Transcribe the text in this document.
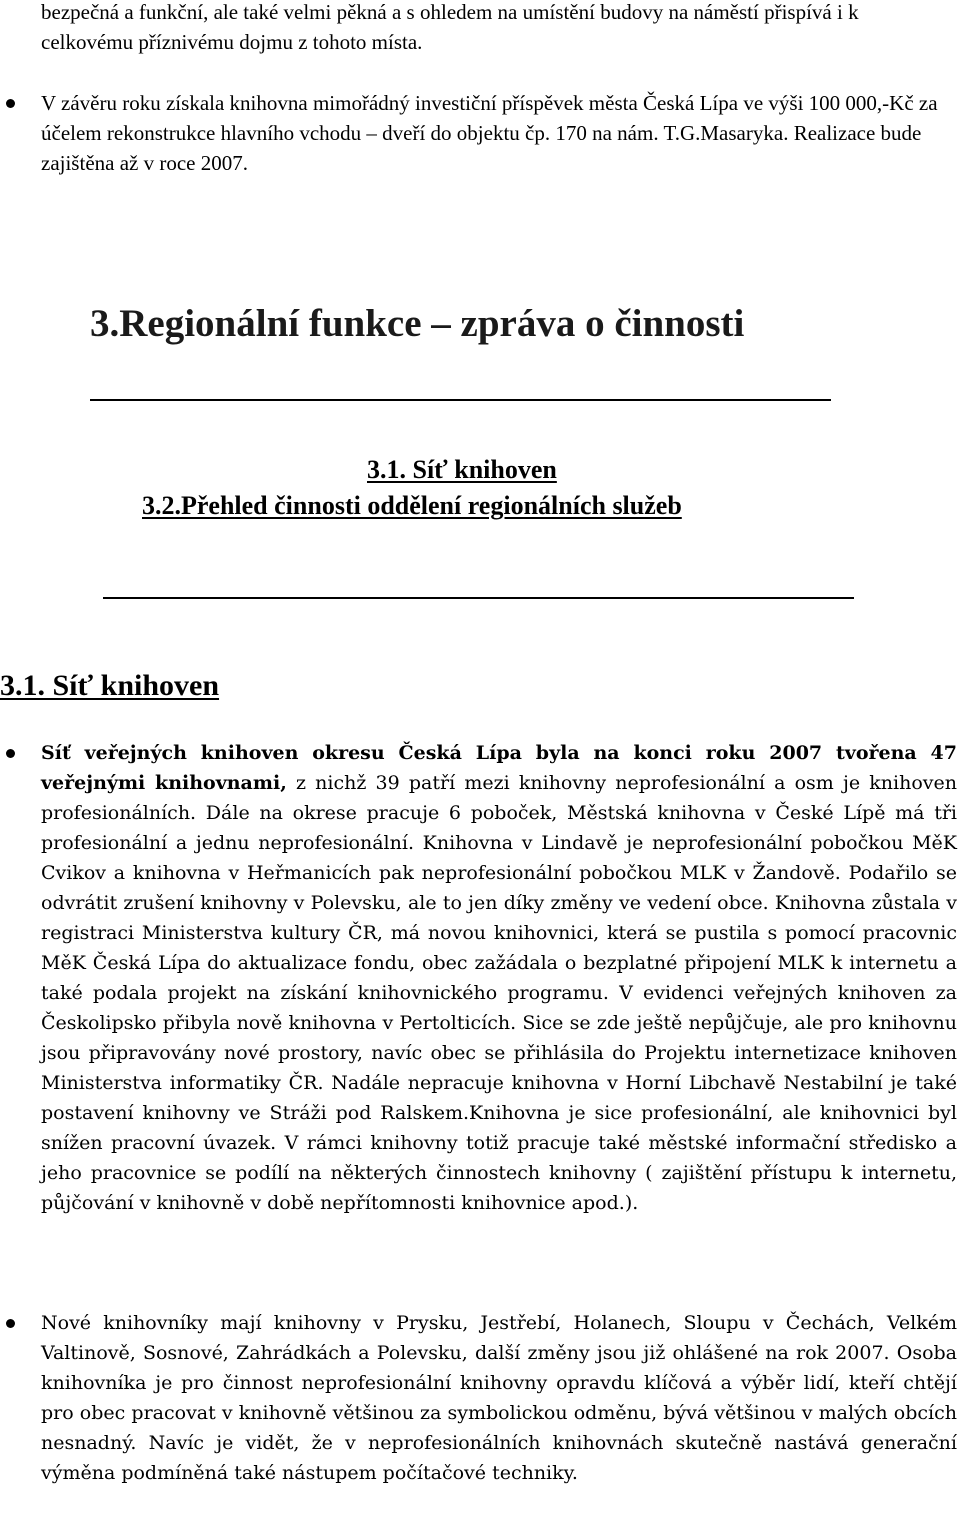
bezpečná a funkční, ale také velmi pěkná a s ohledem na umístění budovy na náměstí přispívá i k celkovému příznivému dojmu z tohoto místa.

V závěru roku získala knihovna mimořádný investiční příspěvek města Česká Lípa ve výši 100 000,-Kč za účelem rekonstrukce hlavního vchodu – dveří do objektu čp. 170 na nám. T.G.Masaryka. Realizace bude zajištěna až v roce 2007.

3.Regionální funkce – zpráva o činnosti
3.1. Síť knihoven
3.2.Přehled činnosti oddělení regionálních služeb
3.1. Síť knihoven

Síť veřejných knihoven okresu Česká Lípa byla na konci roku 2007 tvořena 47 veřejnými knihovnami, z nichž 39 patří mezi knihovny neprofesionální a osm je knihoven profesionálních. Dále na okrese pracuje 6 poboček, Městská knihovna v České Lípě má tři profesionální a jednu neprofesionální. Knihovna v Lindavě je neprofesionální pobočkou MěK Cvikov a knihovna v Heřmanicích pak neprofesionální pobočkou MLK v Žandově. Podařilo se odvrátit zrušení knihovny v Polevsku, ale to jen díky změny ve vedení obce. Knihovna zůstala v registraci Ministerstva kultury ČR, má novou knihovnici, která se pustila s pomocí pracovnic MěK Česká Lípa do aktualizace fondu, obec zažádala o bezplatné připojení MLK k internetu a také podala projekt na získání knihovnického programu. V evidenci veřejných knihoven za Českolipsko přibyla nově knihovna v Pertolticích. Sice se zde ještě nepůjčuje, ale pro knihovnu jsou připravovány nové prostory, navíc obec se přihlásila do Projektu internetizace knihoven Ministerstva informatiky ČR. Nadále nepracuje knihovna v Horní Libchavě Nestabilní je také postavení knihovny ve Stráži pod Ralskem.Knihovna je sice profesionální, ale knihovnici byl snížen pracovní úvazek. V rámci knihovny totiž pracuje také městské informační středisko a jeho pracovnice se podílí na některých činnostech knihovny ( zajištění přístupu k internetu, půjčování v knihovně v době nepřítomnosti knihovnice apod.).

Nové knihovníky mají knihovny v Prysku, Jestřebí, Holanech, Sloupu v Čechách, Velkém Valtinově, Sosnové, Zahrádkách a Polevsku, další změny jsou již ohlášené na rok 2007. Osoba knihovníka je pro činnost neprofesionální knihovny opravdu klíčová a výběr lidí, kteří chtějí pro obec pracovat v knihovně většinou za symbolickou odměnu, bývá většinou v malých obcích nesnadný. Navíc je vidět, že v neprofesionálních knihovnách skutečně nastává generační výměna podmíněná také nástupem počítačové techniky.
